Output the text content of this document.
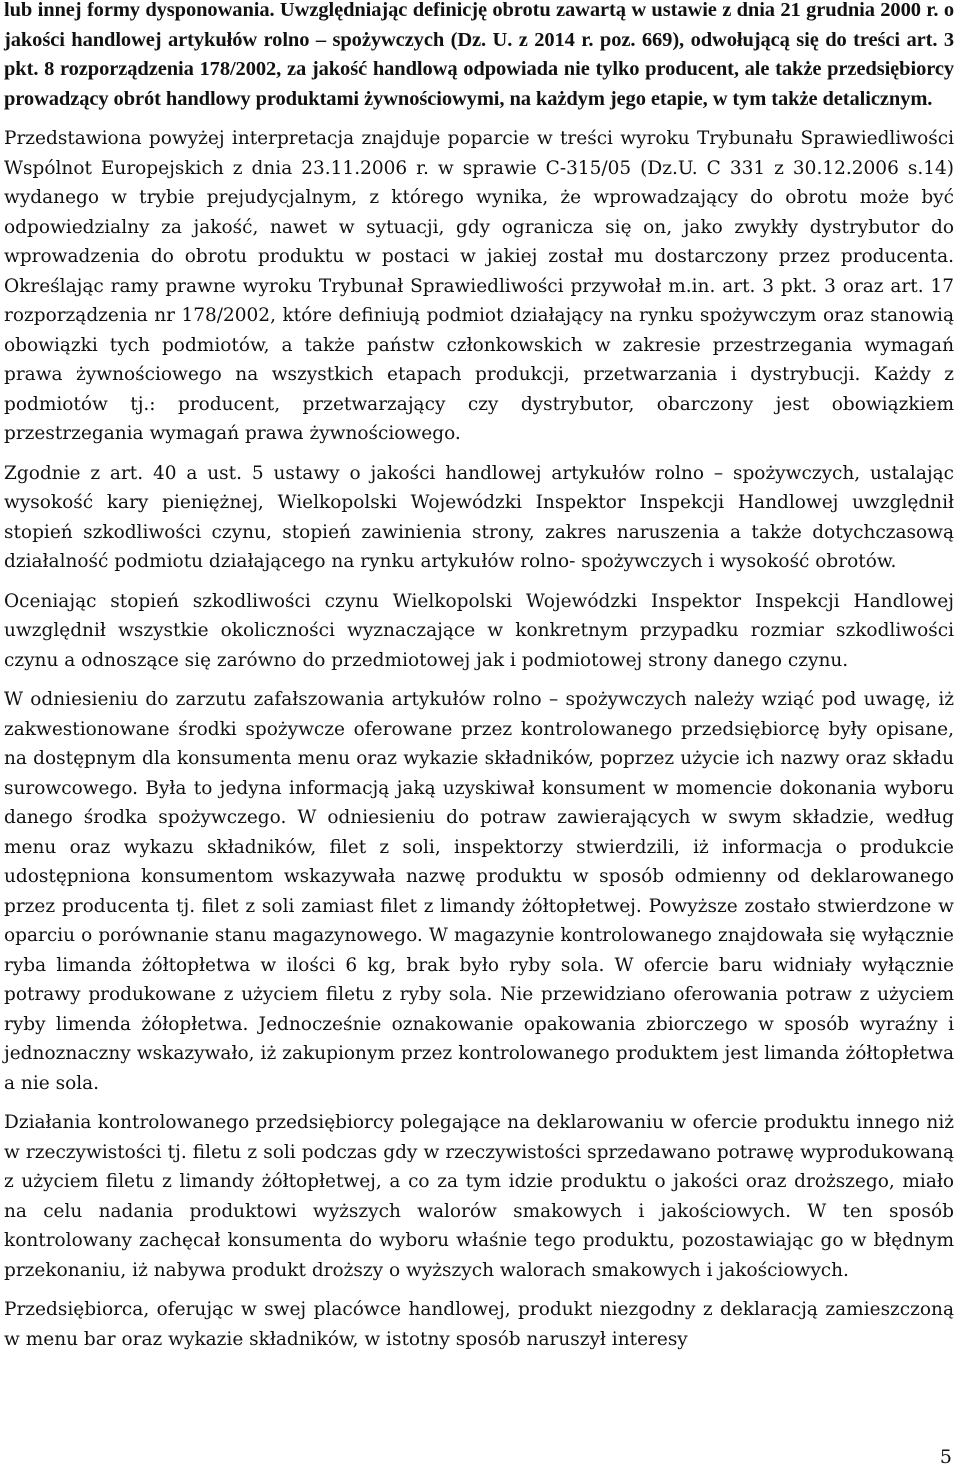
lub innej formy dysponowania. Uwzględniając definicję obrotu zawartą w ustawie z dnia 21 grudnia 2000 r. o jakości handlowej artykułów rolno – spożywczych (Dz. U. z 2014 r. poz. 669), odwołującą się do treści art. 3 pkt. 8 rozporządzenia 178/2002, za jakość handlową odpowiada nie tylko producent, ale także przedsiębiorcy prowadzący obrót handlowy produktami żywnościowymi, na każdym jego etapie, w tym także detalicznym.

Przedstawiona powyżej interpretacja znajduje poparcie w treści wyroku Trybunału Sprawiedliwości Wspólnot Europejskich z dnia 23.11.2006 r. w sprawie C-315/05 (Dz.U. C 331 z 30.12.2006 s.14) wydanego w trybie prejudycjalnym, z którego wynika, że wprowadzający do obrotu może być odpowiedzialny za jakość, nawet w sytuacji, gdy ogranicza się on, jako zwykły dystrybutor do wprowadzenia do obrotu produktu w postaci w jakiej został mu dostarczony przez producenta. Określając ramy prawne wyroku Trybunał Sprawiedliwości przywołał m.in. art. 3 pkt. 3 oraz art. 17 rozporządzenia nr 178/2002, które definiują podmiot działający na rynku spożywczym oraz stanowią obowiązki tych podmiotów, a także państw członkowskich w zakresie przestrzegania wymagań prawa żywnościowego na wszystkich etapach produkcji, przetwarzania i dystrybucji. Każdy z podmiotów tj.: producent, przetwarzający czy dystrybutor, obarczony jest obowiązkiem przestrzegania wymagań prawa żywnościowego.

Zgodnie z art. 40 a ust. 5 ustawy o jakości handlowej artykułów rolno – spożywczych, ustalając wysokość kary pieniężnej, Wielkopolski Wojewódzki Inspektor Inspekcji Handlowej uwzględnił stopień szkodliwości czynu, stopień zawinienia strony, zakres naruszenia a także dotychczasową działalność podmiotu działającego na rynku artykułów rolno- spożywczych i wysokość obrotów.

Oceniając stopień szkodliwości czynu Wielkopolski Wojewódzki Inspektor Inspekcji Handlowej uwzględnił wszystkie okoliczności wyznaczające w konkretnym przypadku rozmiar szkodliwości czynu a odnoszące się zarówno do przedmiotowej jak i podmiotowej strony danego czynu.

W odniesieniu do zarzutu zafałszowania artykułów rolno – spożywczych należy wziąć pod uwagę, iż zakwestionowane środki spożywcze oferowane przez kontrolowanego przedsiębiorcę były opisane, na dostępnym dla konsumenta menu oraz wykazie składników, poprzez użycie ich nazwy oraz składu surowcowego. Była to jedyna informacją jaką uzyskiwał konsument w momencie dokonania wyboru danego środka spożywczego. W odniesieniu do potraw zawierających w swym składzie, według menu oraz wykazu składników, filet z soli, inspektorzy stwierdzili, iż informacja o produkcie udostępniona konsumentom wskazywała nazwę produktu w sposób odmienny od deklarowanego przez producenta tj. filet z soli zamiast filet z limandy żółtopłetwej. Powyższe zostało stwierdzone w oparciu o porównanie stanu magazynowego. W magazynie kontrolowanego znajdowała się wyłącznie ryba limanda żółtopłetwa w ilości 6 kg, brak było ryby sola. W ofercie baru widniały wyłącznie potrawy produkowane z użyciem filetu z ryby sola. Nie przewidziano oferowania potraw z użyciem ryby limenda żółopłetwa. Jednocześnie oznakowanie opakowania zbiorczego w sposób wyraźny i jednoznaczny wskazywało, iż zakupionym przez kontrolowanego produktem jest limanda żółtopłetwa a nie sola.

Działania kontrolowanego przedsiębiorcy polegające na deklarowaniu w ofercie produktu innego niż w rzeczywistości tj. filetu z soli podczas gdy w rzeczywistości sprzedawano potrawę wyprodukowaną z użyciem filetu z limandy żółtopłetwej, a co za tym idzie produktu o jakości oraz droższego, miało na celu nadania produktowi wyższych walorów smakowych i jakościowych. W ten sposób kontrolowany zachęcał konsumenta do wyboru właśnie tego produktu, pozostawiając go w błędnym przekonaniu, iż nabywa produkt droższy o wyższych walorach smakowych i jakościowych.

Przedsiębiorca, oferując w swej placówce handlowej, produkt niezgodny z deklaracją zamieszczoną w menu bar oraz wykazie składników, w istotny sposób naruszył interesy

5
